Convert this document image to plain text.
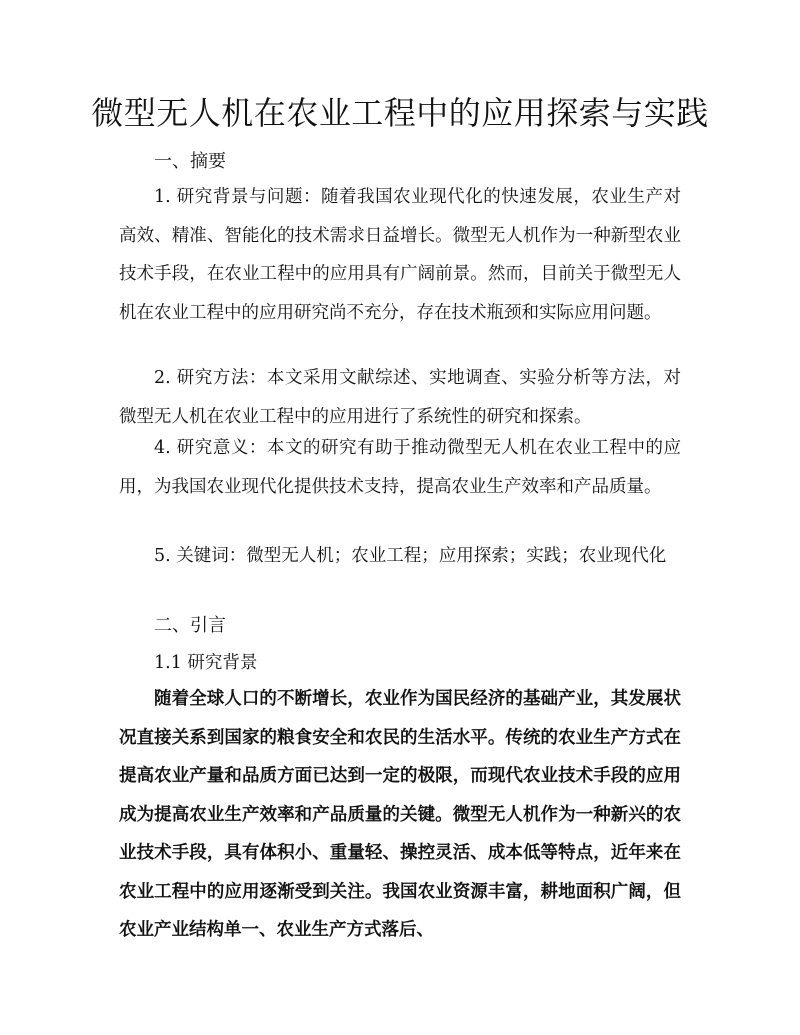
微型无人机在农业工程中的应用探索与实践
一、摘要

1. 研究背景与问题：随着我国农业现代化的快速发展，农业生产对高效、精准、智能化的技术需求日益增长。微型无人机作为一种新型农业技术手段，在农业工程中的应用具有广阔前景。然而，目前关于微型无人机在农业工程中的应用研究尚不充分，存在技术瓶颈和实际应用问题。

2. 研究方法：本文采用文献综述、实地调查、实验分析等方法，对微型无人机在农业工程中的应用进行了系统性的研究和探索。

4. 研究意义：本文的研究有助于推动微型无人机在农业工程中的应用，为我国农业现代化提供技术支持，提高农业生产效率和产品质量。

5. 关键词：微型无人机；农业工程；应用探索；实践；农业现代化

二、引言
1.1 研究背景

随着全球人口的不断增长，农业作为国民经济的基础产业，其发展状况直接关系到国家的粮食安全和农民的生活水平。传统的农业生产方式在提高农业产量和品质方面已达到一定的极限，而现代农业技术手段的应用成为提高农业生产效率和产品质量的关键。微型无人机作为一种新兴的农业技术手段，具有体积小、重量轻、操控灵活、成本低等特点，近年来在农业工程中的应用逐渐受到关注。我国农业资源丰富，耕地面积广阔，但农业产业结构单一、农业生产方式落后、
